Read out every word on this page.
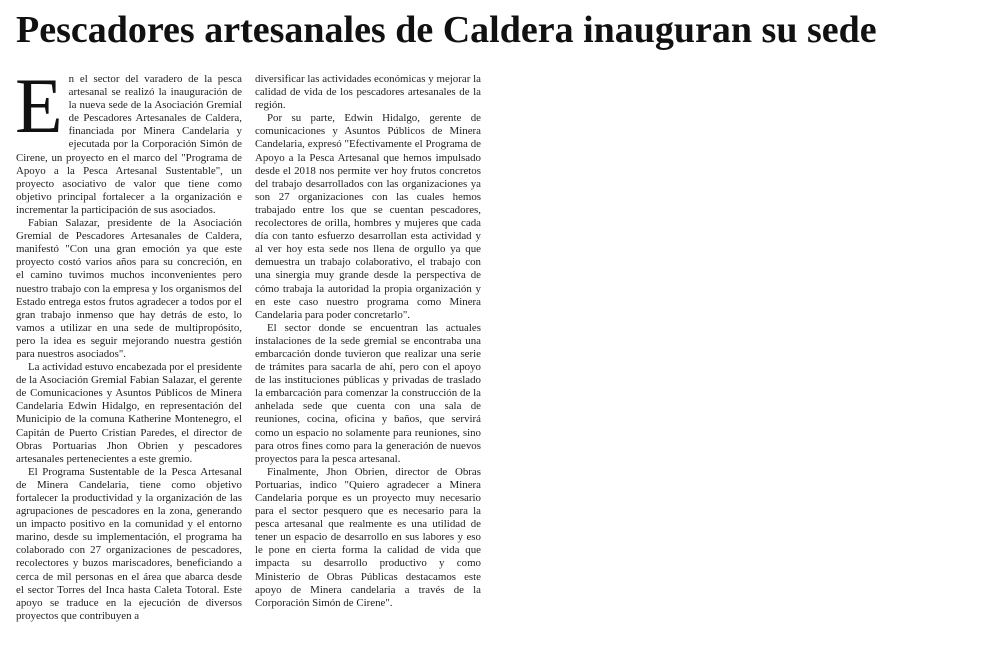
Pescadores artesanales de Caldera inauguran su sede

En el sector del varadero de la pesca artesanal se realizó la inauguración de la nueva sede de la Asociación Gremial de Pescadores Artesanales de Caldera, financiada por Minera Candelaria y ejecutada por la Corporación Simón de Cirene, un proyecto en el marco del "Programa de Apoyo a la Pesca Artesanal Sustentable", un proyecto asociativo de valor que tiene como objetivo principal fortalecer a la organización e incrementar la participación de sus asociados.

Fabian Salazar, presidente de la Asociación Gremial de Pescadores Artesanales de Caldera, manifestó "Con una gran emoción ya que este proyecto costó varios años para su concreción, en el camino tuvimos muchos inconvenientes pero nuestro trabajo con la empresa y los organismos del Estado entrega estos frutos agradecer a todos por el gran trabajo inmenso que hay detrás de esto, lo vamos a utilizar en una sede de multipropósito, pero la idea es seguir mejorando nuestra gestión para nuestros asociados".

La actividad estuvo encabezada por el presidente de la Asociación Gremial Fabian Salazar, el gerente de Comunicaciones y Asuntos Públicos de Minera Candelaria Edwin Hidalgo, en representación del Municipio de la comuna Katherine Montenegro, el Capitán de Puerto Cristian Paredes, el director de Obras Portuarias Jhon Obrien y pescadores artesanales pertenecientes a este gremio.

El Programa Sustentable de la Pesca Artesanal de Minera Candelaria, tiene como objetivo fortalecer la productividad y la organización de las agrupaciones de pescadores en la zona, generando un impacto positivo en la comunidad y el entorno marino, desde su implementación, el programa ha colaborado con 27 organizaciones de pescadores, recolectores y buzos mariscadores, beneficiando a cerca de mil personas en el área que abarca desde el sector Torres del Inca hasta Caleta Totoral. Este apoyo se traduce en la ejecución de diversos proyectos que contribuyen a

diversificar las actividades económicas y mejorar la calidad de vida de los pescadores artesanales de la región.

Por su parte, Edwin Hidalgo, gerente de comunicaciones y Asuntos Públicos de Minera Candelaria, expresó "Efectivamente el Programa de Apoyo a la Pesca Artesanal que hemos impulsado desde el 2018 nos permite ver hoy frutos concretos del trabajo desarrollados con las organizaciones ya son 27 organizaciones con las cuales hemos trabajado entre los que se cuentan pescadores, recolectores de orilla, hombres y mujeres que cada día con tanto esfuerzo desarrollan esta actividad y al ver hoy esta sede nos llena de orgullo ya que demuestra un trabajo colaborativo, el trabajo con una sinergia muy grande desde la perspectiva de cómo trabaja la autoridad la propia organización y en este caso nuestro programa como Minera Candelaria para poder concretarlo".

El sector donde se encuentran las actuales instalaciones de la sede gremial se encontraba una embarcación donde tuvieron que realizar una serie de trámites para sacarla de ahí, pero con el apoyo de las instituciones públicas y privadas de traslado la embarcación para comenzar la construcción de la anhelada sede que cuenta con una sala de reuniones, cocina, oficina y baños, que servirá como un espacio no solamente para reuniones, sino para otros fines como para la generación de nuevos proyectos para la pesca artesanal.

Finalmente, Jhon Obrien, director de Obras Portuarias, indico "Quiero agradecer a Minera Candelaria porque es un proyecto muy necesario para el sector pesquero que es necesario para la pesca artesanal que realmente es una utilidad de tener un espacio de desarrollo en sus labores y eso le pone en cierta forma la calidad de vida que impacta su desarrollo productivo y como Ministerio de Obras Públicas destacamos este apoyo de Minera candelaria a través de la Corporación Simón de Cirene".
